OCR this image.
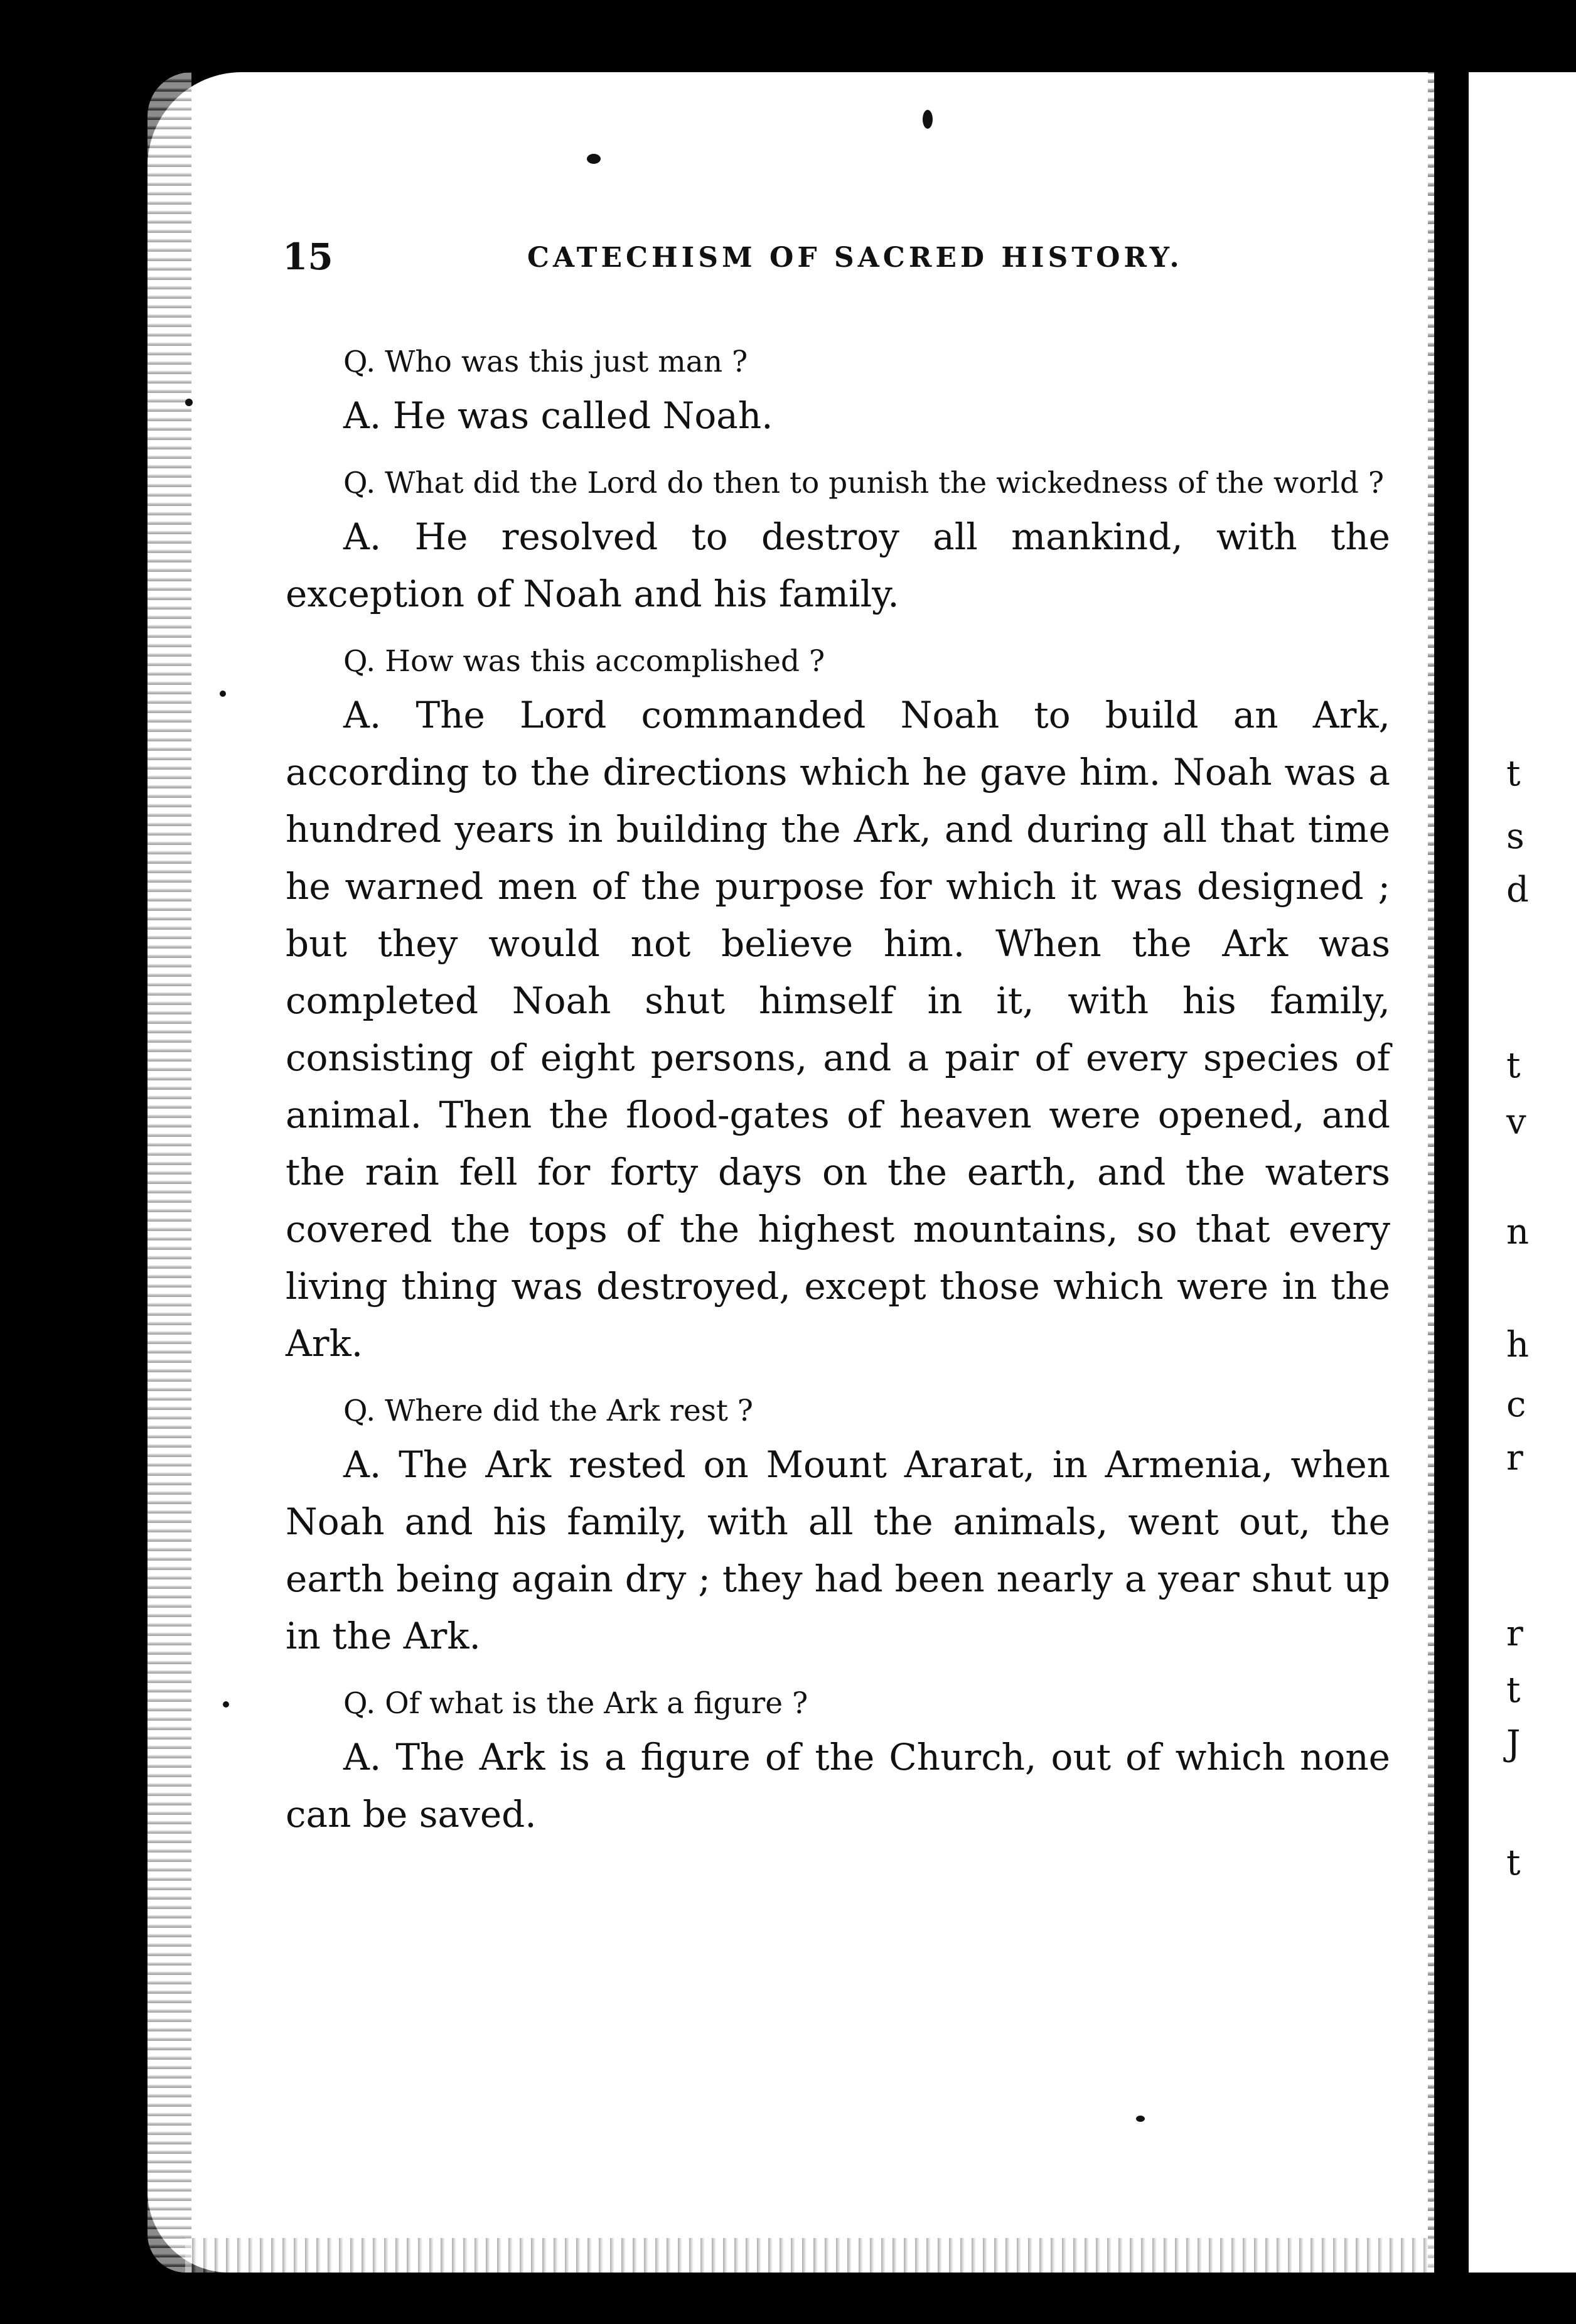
t
s
d
t
v
n
h
c
r
r
t
J
t
15	CATECHISM OF SACRED HISTORY.

Q. Who was this just man ?

A. He was called Noah.

Q. What did the Lord do then to punish the wickedness of the world ?

A. He resolved to destroy all mankind, with the exception of Noah and his family.

Q. How was this accomplished ?

A. The Lord commanded Noah to build an Ark, according to the directions which he gave him. Noah was a hundred years in building the Ark, and during all that time he warned men of the purpose for which it was designed ; but they would not believe him. When the Ark was completed Noah shut himself in it, with his family, consisting of eight persons, and a pair of every species of animal. Then the flood-gates of heaven were opened, and the rain fell for forty days on the earth, and the waters covered the tops of the highest mountains, so that every living thing was destroyed, except those which were in the Ark.

Q. Where did the Ark rest ?

A. The Ark rested on Mount Ararat, in Armenia, when Noah and his family, with all the animals, went out, the earth being again dry ; they had been nearly a year shut up in the Ark.

Q. Of what is the Ark a figure ?

A. The Ark is a figure of the Church, out of which none can be saved.
